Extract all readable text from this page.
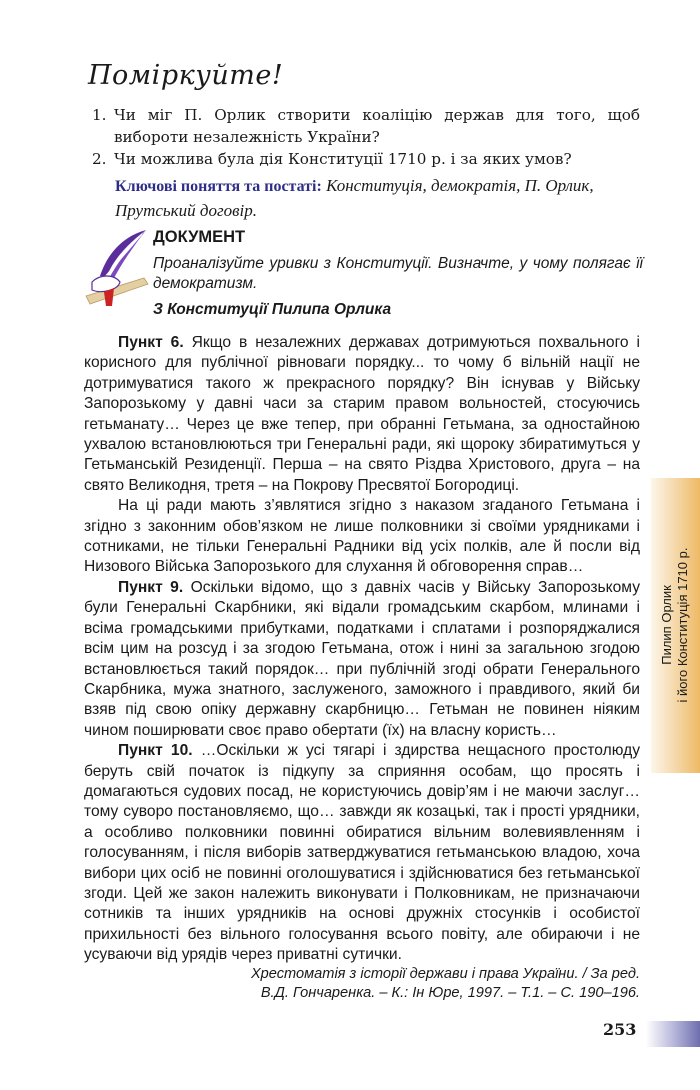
Поміркуйте!
1. Чи міг П. Орлик створити коаліцію держав для того, щоб вибороти незалежність України?
2. Чи можлива була дія Конституції 1710 р. і за яких умов?
Ключові поняття та постаті: Конституція, демократія, П. Орлик, Прутський договір.
ДОКУМЕНТ
Проаналізуйте уривки з Конституції. Визначте, у чому полягає її демократизм.
З Конституції Пилипа Орлика

Пункт 6. Якщо в незалежних державах дотримуються похвального і корисного для публічної рівноваги порядку... то чому б вільній нації не дотримуватися такого ж прекрасного порядку? Він існував у Війську Запорозькому у давні часи за старим правом вольностей, стосуючись гетьманату… Через це вже тепер, при обранні Гетьмана, за одностайною ухвалою встановлюються три Генеральні ради, які щороку збиратимуться у Гетьманській Резиденції. Перша – на свято Різдва Христового, друга – на свято Великодня, третя – на Покрову Пресвятої Богородиці.

На ці ради мають з’являтися згідно з наказом згаданого Гетьмана і згідно з законним обов’язком не лише полковники зі своїми урядниками і сотниками, не тільки Генеральні Радники від усіх полків, але й посли від Низового Війська Запорозького для слухання й обговорення справ…

Пункт 9. Оскільки відомо, що з давніх часів у Війську Запорозькому були Генеральні Скарбники, які відали громадським скарбом, млинами і всіма громадськими прибутками, податками і сплатами і розпоряджалися всім цим на розсуд і за згодою Гетьмана, отож і нині за загальною згодою встановлюється такий порядок… при публічній згоді обрати Генерального Скарбника, мужа знатного, заслуженого, заможного і правдивого, який би взяв під свою опіку державну скарбницю… Гетьман не повинен ніяким чином поширювати своє право обертати (їх) на власну користь…

Пункт 10. …Оскільки ж усі тягарі і здирства нещасного простолюду беруть свій початок із підкупу за сприяння особам, що просять і домагаються судових посад, не користуючись довір’ям і не маючи заслуг… тому суворо постановляємо, що… завжди як козацькі, так і прості урядники, а особливо полковники повинні обиратися вільним волевиявленням і голосуванням, і після виборів затверджуватися гетьманською владою, хоча вибори цих осіб не повинні оголошуватися і здійснюватися без гетьманської згоди. Цей же закон належить виконувати і Полковникам, не призначаючи сотників та інших урядників на основі дружніх стосунків і особистої прихильності без вільного голосування всього повіту, але обираючи і не усуваючи від урядів через приватні сутички.

Хрестоматія з історії держави і права України. / За ред.
В.Д. Гончаренка. – К.: Ін Юре, 1997. – Т.1. – С. 190–196.
Пилип Орлик і його Конституція 1710 р.
253
